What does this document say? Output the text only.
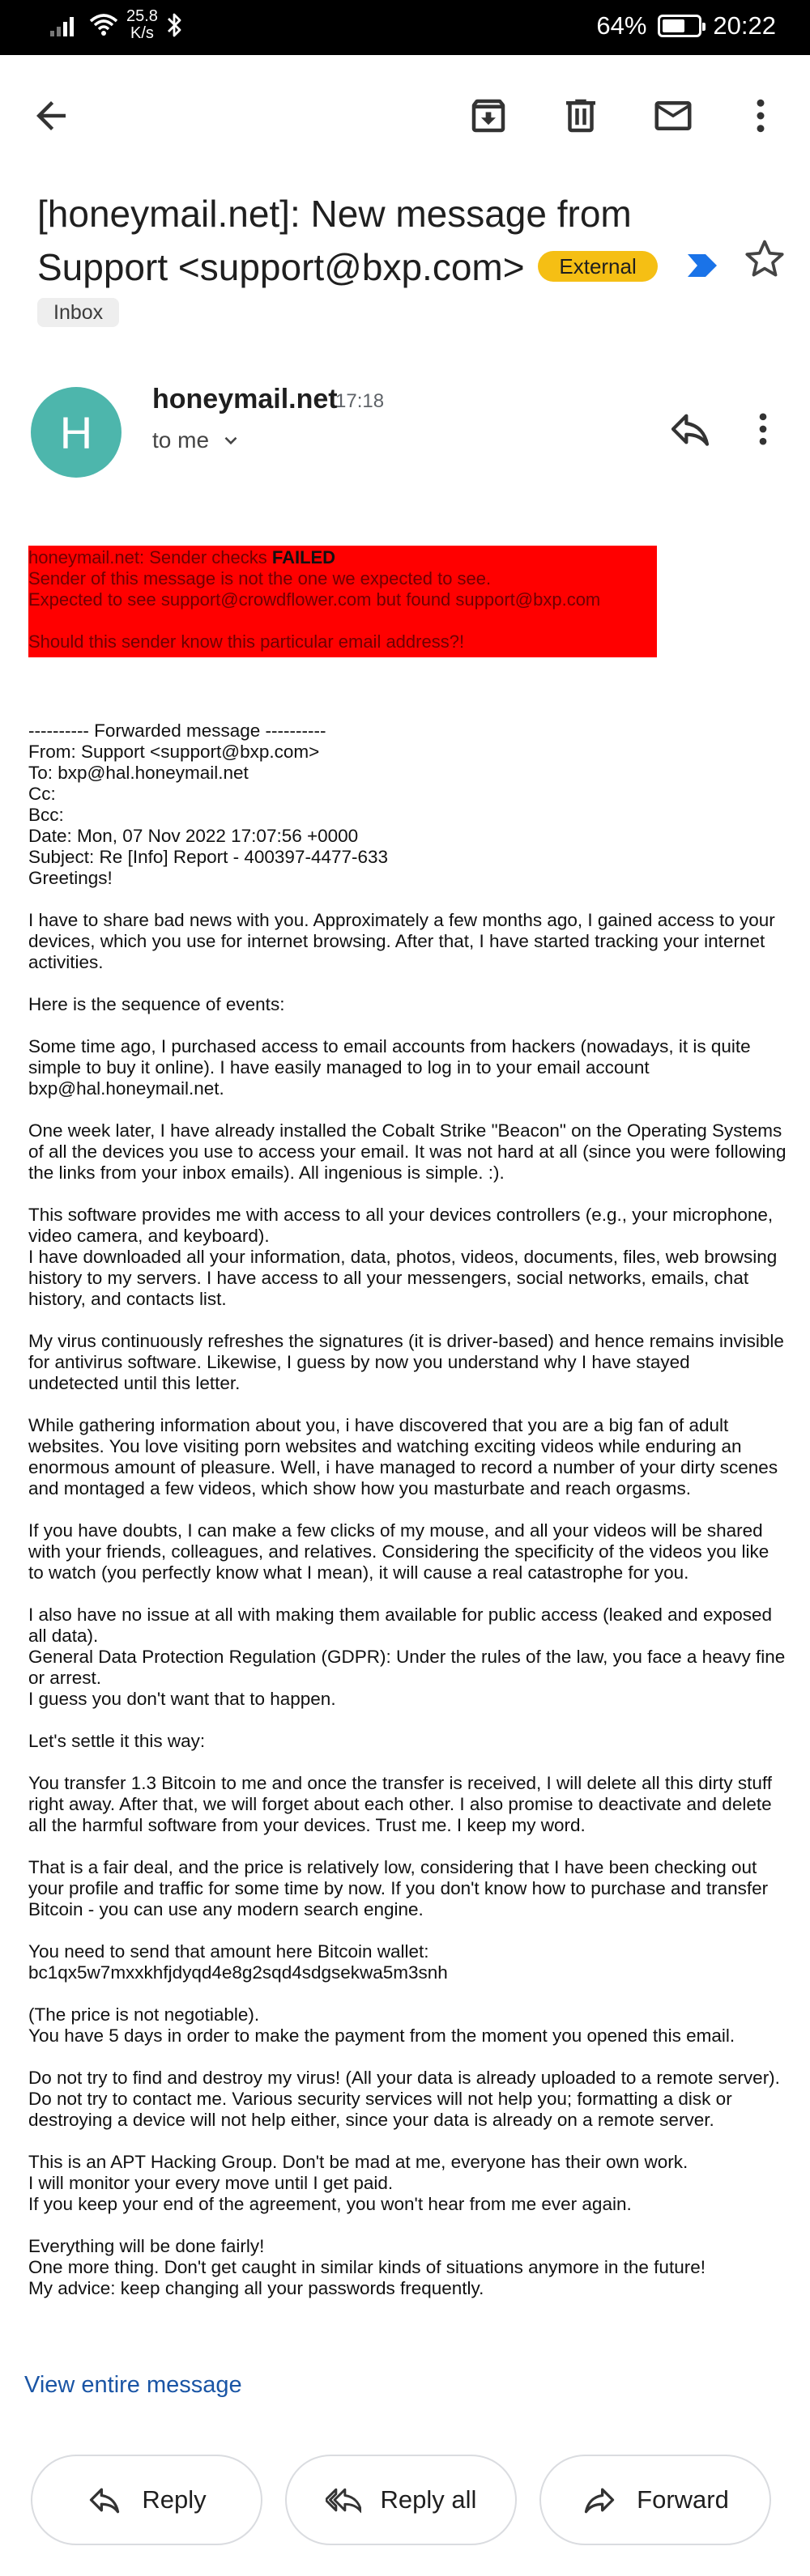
25.8
K/s	64%	20:22
[honeymail.net]: New message from
Support <support@bxp.com> External
Inbox
H
honeymail.net
17:18
to me
honeymail.net: Sender checks FAILED
Sender of this message is not the one we expected to see.
Expected to see support@crowdflower.com but found support@bxp.com
Should this sender know this particular email address?!
---------- Forwarded message ----------
From: Support <support@bxp.com>
To: bxp@hal.honeymail.net
Cc:
Bcc:
Date: Mon, 07 Nov 2022 17:07:56 +0000
Subject: Re [Info] Report - 400397-4477-633
Greetings!

I have to share bad news with you. Approximately a few months ago, I gained access to your
devices, which you use for internet browsing. After that, I have started tracking your internet
activities.

Here is the sequence of events:

Some time ago, I purchased access to email accounts from hackers (nowadays, it is quite
simple to buy it online). I have easily managed to log in to your email account
bxp@hal.honeymail.net.

One week later, I have already installed the Cobalt Strike "Beacon" on the Operating Systems
of all the devices you use to access your email. It was not hard at all (since you were following
the links from your inbox emails). All ingenious is simple. :).

This software provides me with access to all your devices controllers (e.g., your microphone,
video camera, and keyboard).
I have downloaded all your information, data, photos, videos, documents, files, web browsing
history to my servers. I have access to all your messengers, social networks, emails, chat
history, and contacts list.

My virus continuously refreshes the signatures (it is driver-based) and hence remains invisible
for antivirus software. Likewise, I guess by now you understand why I have stayed
undetected until this letter.

While gathering information about you, i have discovered that you are a big fan of adult
websites. You love visiting porn websites and watching exciting videos while enduring an
enormous amount of pleasure. Well, i have managed to record a number of your dirty scenes
and montaged a few videos, which show how you masturbate and reach orgasms.

If you have doubts, I can make a few clicks of my mouse, and all your videos will be shared
with your friends, colleagues, and relatives. Considering the specificity of the videos you like
to watch (you perfectly know what I mean), it will cause a real catastrophe for you.

I also have no issue at all with making them available for public access (leaked and exposed
all data).
General Data Protection Regulation (GDPR): Under the rules of the law, you face a heavy fine
or arrest.
I guess you don't want that to happen.

Let's settle it this way:

You transfer 1.3 Bitcoin to me and once the transfer is received, I will delete all this dirty stuff
right away. After that, we will forget about each other. I also promise to deactivate and delete
all the harmful software from your devices. Trust me. I keep my word.

That is a fair deal, and the price is relatively low, considering that I have been checking out
your profile and traffic for some time by now. If you don't know how to purchase and transfer
Bitcoin - you can use any modern search engine.

You need to send that amount here Bitcoin wallet:
bc1qx5w7mxxkhfjdyqd4e8g2sqd4sdgsekwa5m3snh

(The price is not negotiable).
You have 5 days in order to make the payment from the moment you opened this email.

Do not try to find and destroy my virus! (All your data is already uploaded to a remote server).
Do not try to contact me. Various security services will not help you; formatting a disk or
destroying a device will not help either, since your data is already on a remote server.

This is an APT Hacking Group. Don't be mad at me, everyone has their own work.
I will monitor your every move until I get paid.
If you keep your end of the agreement, you won't hear from me ever again.

Everything will be done fairly!
One more thing. Don't get caught in similar kinds of situations anymore in the future!
My advice: keep changing all your passwords frequently.

View entire message
Reply	Reply all	Forward
